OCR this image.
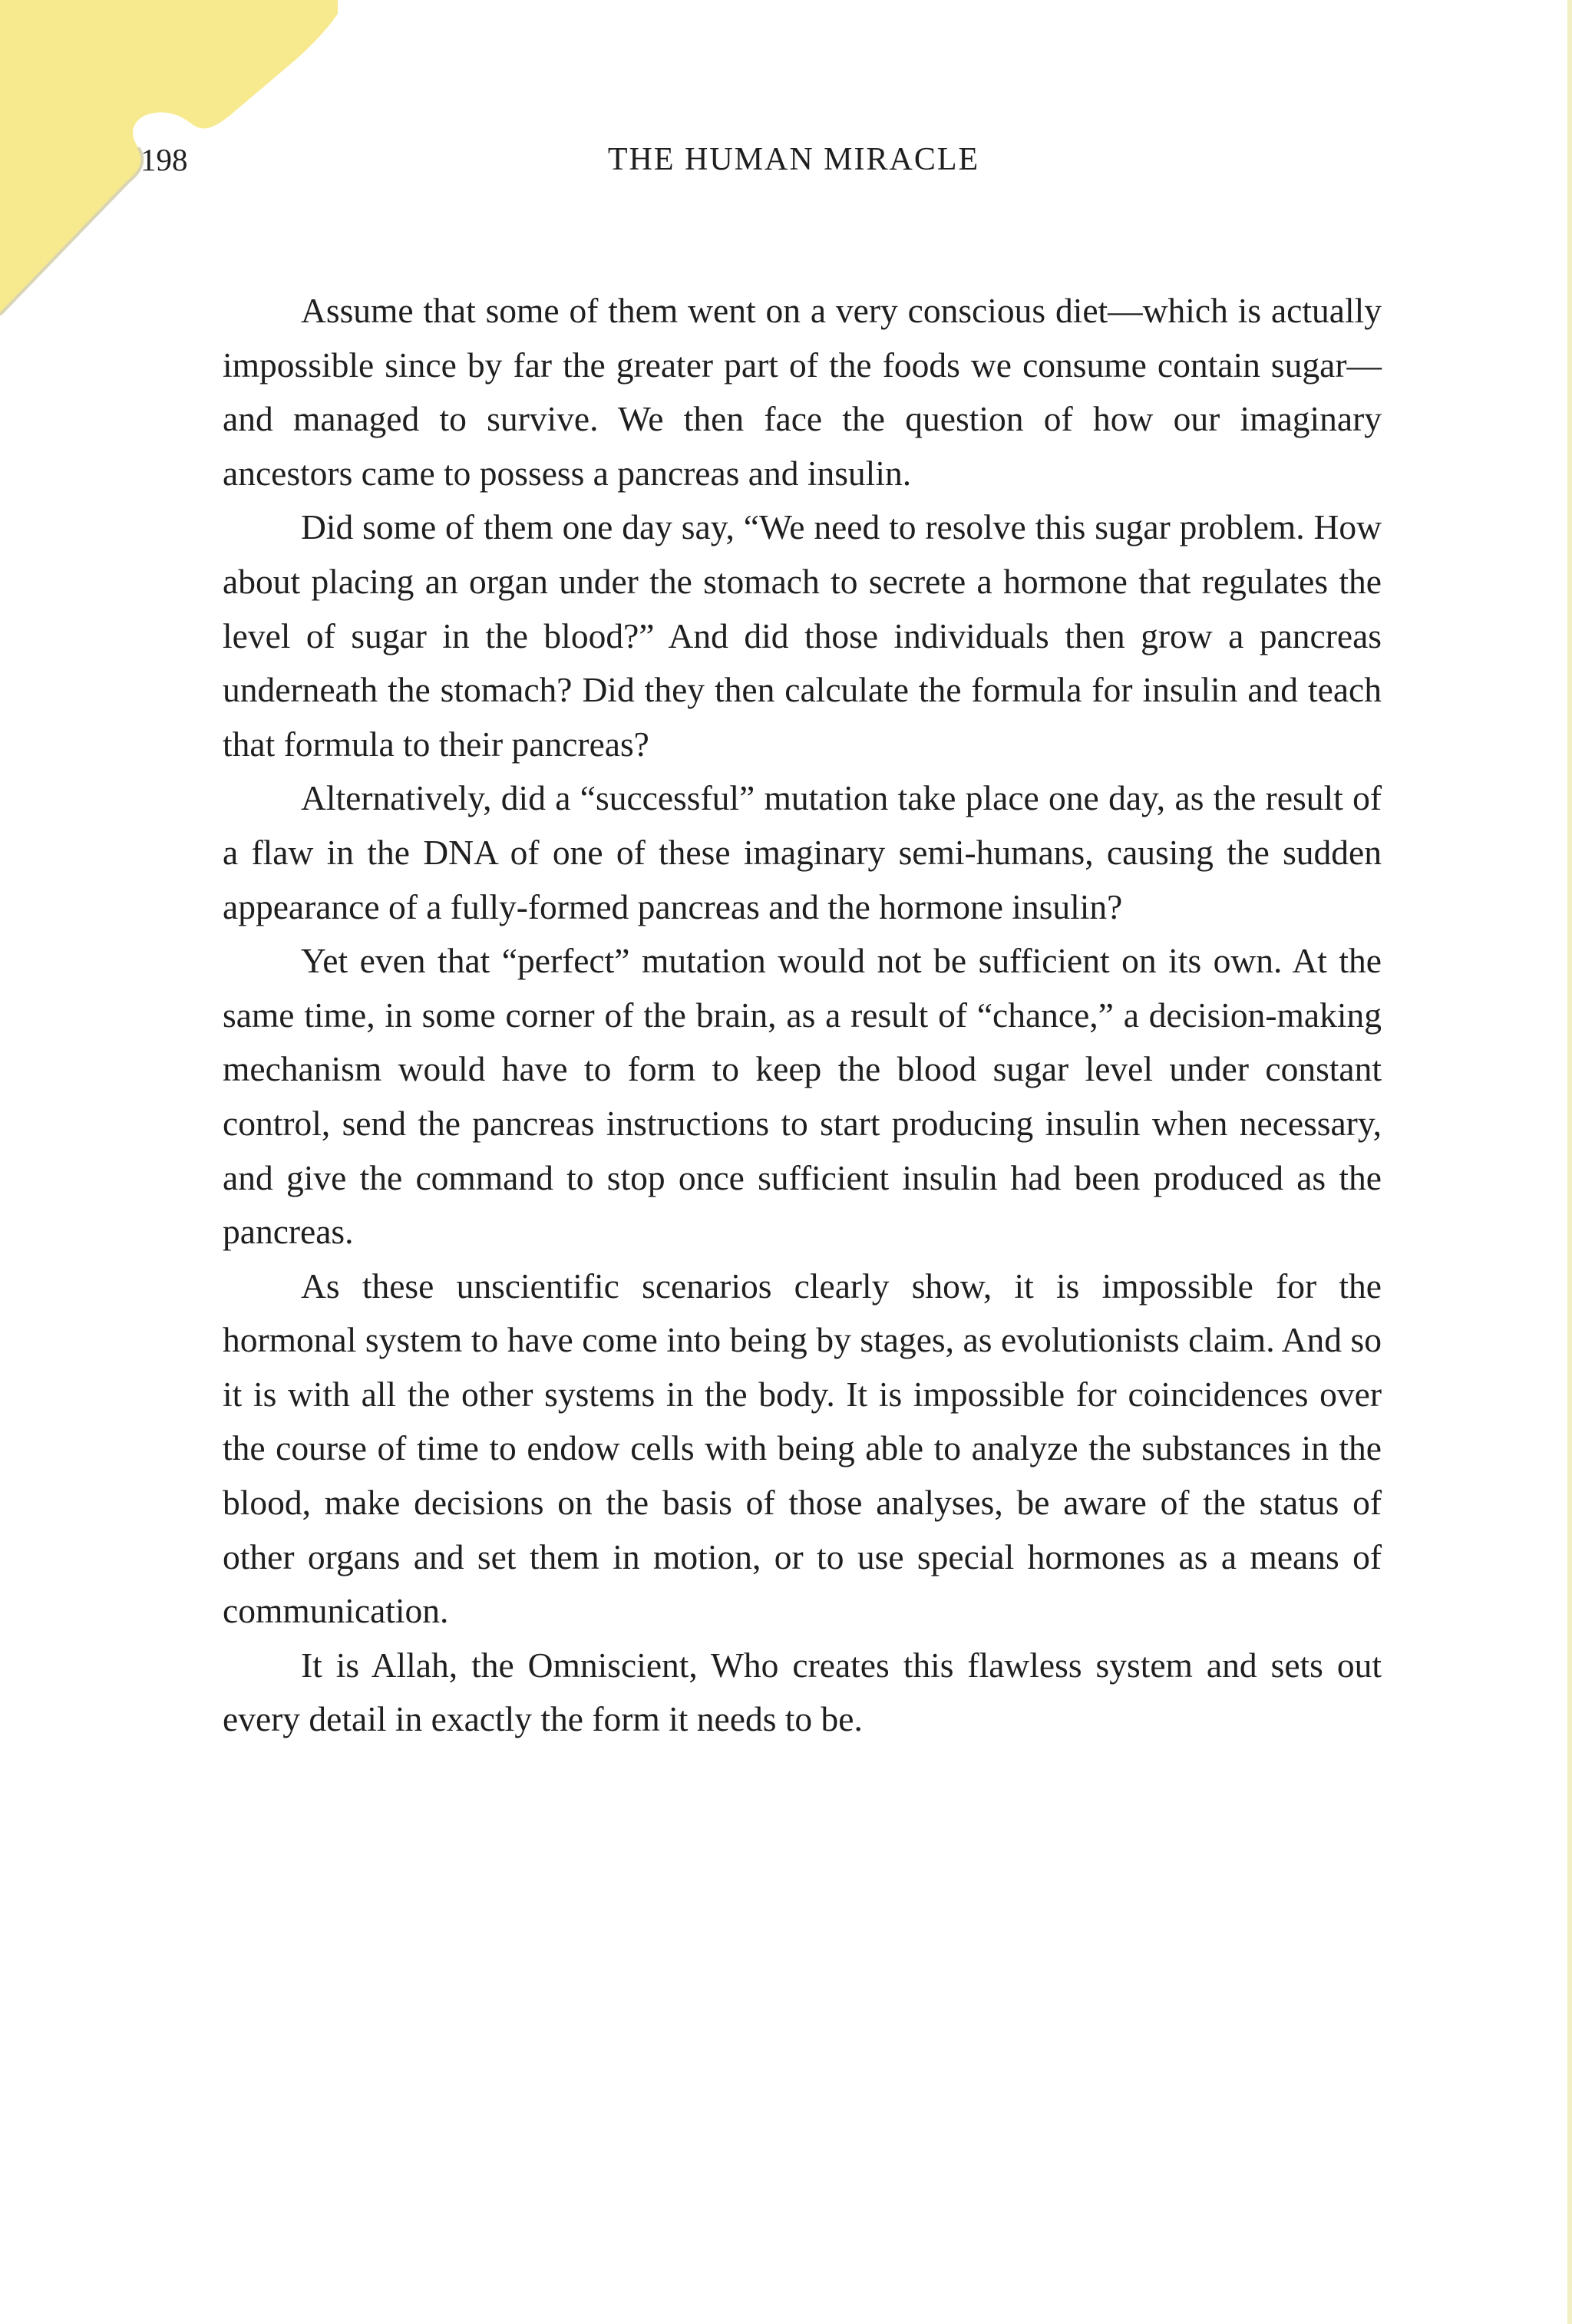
198	THE HUMAN MIRACLE

Assume that some of them went on a very conscious diet—which is actually impossible since by far the greater part of the foods we consume contain sugar—and managed to survive. We then face the question of how our imaginary ancestors came to possess a pancreas and insulin.

Did some of them one day say, “We need to resolve this sugar problem. How about placing an organ under the stomach to secrete a hormone that regulates the level of sugar in the blood?” And did those individuals then grow a pancreas underneath the stomach? Did they then calculate the formula for insulin and teach that formula to their pancreas?

Alternatively, did a “successful” mutation take place one day, as the result of a flaw in the DNA of one of these imaginary semi-humans, causing the sudden appearance of a fully-formed pancreas and the hormone insulin?

Yet even that “perfect” mutation would not be sufficient on its own. At the same time, in some corner of the brain, as a result of “chance,” a decision-making mechanism would have to form to keep the blood sugar level under constant control, send the pancreas instructions to start producing insulin when necessary, and give the command to stop once sufficient insulin had been produced as the pancreas.

As these unscientific scenarios clearly show, it is impossible for the hormonal system to have come into being by stages, as evolutionists claim. And so it is with all the other systems in the body. It is impossible for coincidences over the course of time to endow cells with being able to analyze the substances in the blood, make decisions on the basis of those analyses, be aware of the status of other organs and set them in motion, or to use special hormones as a means of communication.

It is Allah, the Omniscient, Who creates this flawless system and sets out every detail in exactly the form it needs to be.
